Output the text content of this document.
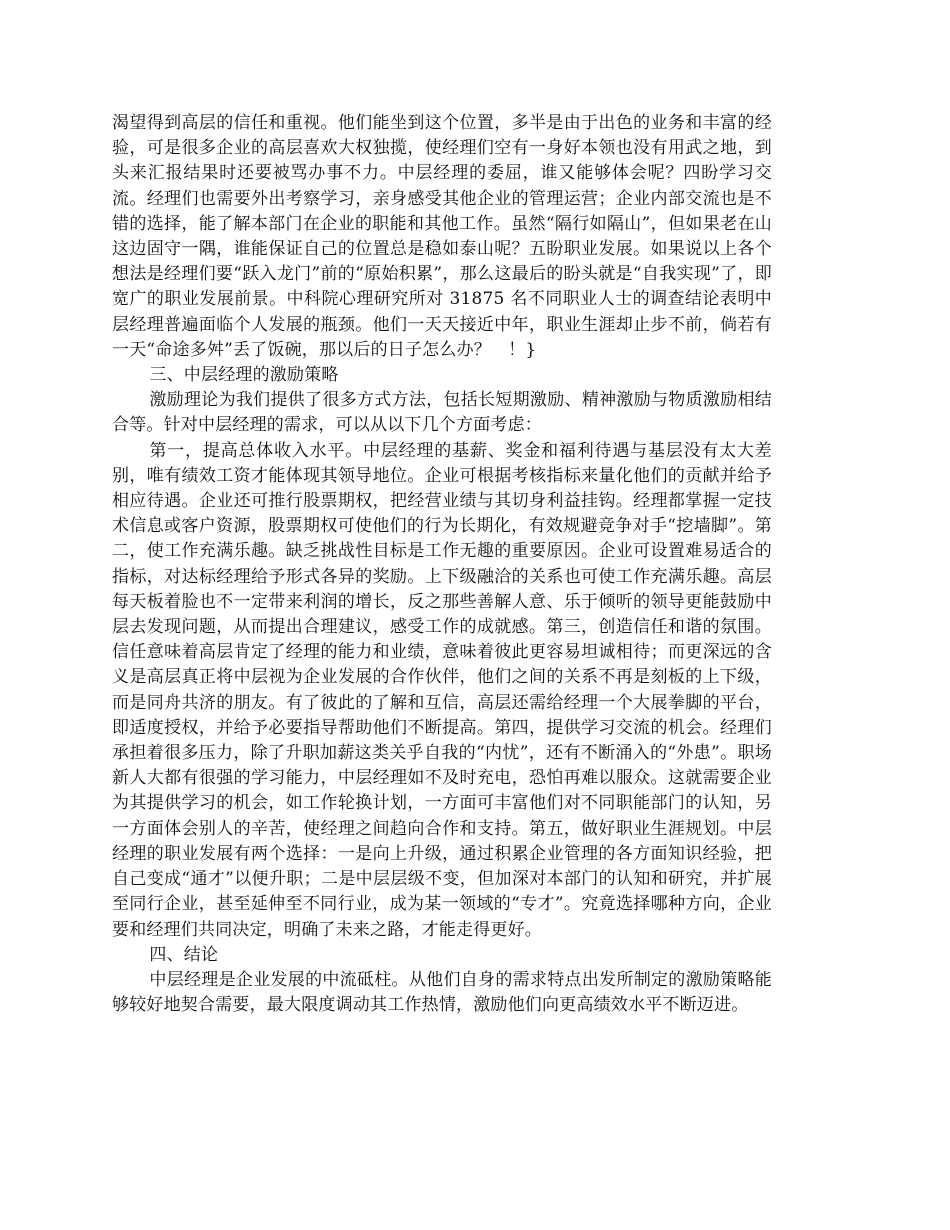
渴望得到高层的信任和重视。他们能坐到这个位置，多半是由于出色的业务和丰富的经验，可是很多企业的高层喜欢大权独揽，使经理们空有一身好本领也没有用武之地，到头来汇报结果时还要被骂办事不力。中层经理的委屈，谁又能够体会呢？四盼学习交流。经理们也需要外出考察学习，亲身感受其他企业的管理运营；企业内部交流也是不错的选择，能了解本部门在企业的职能和其他工作。虽然“隔行如隔山”，但如果老在山这边固守一隅，谁能保证自己的位置总是稳如泰山呢？五盼职业发展。如果说以上各个想法是经理们要“跃入龙门”前的“原始积累”，那么这最后的盼头就是“自我实现”了，即宽广的职业发展前景。中科院心理研究所对 31875 名不同职业人士的调查结论表明中层经理普遍面临个人发展的瓶颈。他们一天天接近中年，职业生涯却止步不前，倘若有一天“命途多舛”丢了饭碗，那以后的日子怎么办？　！}

三、中层经理的激励策略

激励理论为我们提供了很多方式方法，包括长短期激励、精神激励与物质激励相结合等。针对中层经理的需求，可以从以下几个方面考虑：

第一，提高总体收入水平。中层经理的基薪、奖金和福利待遇与基层没有太大差别，唯有绩效工资才能体现其领导地位。企业可根据考核指标来量化他们的贡献并给予相应待遇。企业还可推行股票期权，把经营业绩与其切身利益挂钩。经理都掌握一定技术信息或客户资源，股票期权可使他们的行为长期化，有效规避竞争对手“挖墙脚”。第二，使工作充满乐趣。缺乏挑战性目标是工作无趣的重要原因。企业可设置难易适合的指标，对达标经理给予形式各异的奖励。上下级融洽的关系也可使工作充满乐趣。高层每天板着脸也不一定带来利润的增长，反之那些善解人意、乐于倾听的领导更能鼓励中层去发现问题，从而提出合理建议，感受工作的成就感。第三，创造信任和谐的氛围。信任意味着高层肯定了经理的能力和业绩，意味着彼此更容易坦诚相待；而更深远的含义是高层真正将中层视为企业发展的合作伙伴，他们之间的关系不再是刻板的上下级，而是同舟共济的朋友。有了彼此的了解和互信，高层还需给经理一个大展拳脚的平台，即适度授权，并给予必要指导帮助他们不断提高。第四，提供学习交流的机会。经理们承担着很多压力，除了升职加薪这类关乎自我的“内忧”，还有不断涌入的“外患”。职场新人大都有很强的学习能力，中层经理如不及时充电，恐怕再难以服众。这就需要企业为其提供学习的机会，如工作轮换计划，一方面可丰富他们对不同职能部门的认知，另一方面体会别人的辛苦，使经理之间趋向合作和支持。第五，做好职业生涯规划。中层经理的职业发展有两个选择：一是向上升级，通过积累企业管理的各方面知识经验，把自己变成“通才”以便升职；二是中层层级不变，但加深对本部门的认知和研究，并扩展至同行企业，甚至延伸至不同行业，成为某一领域的“专才”。究竟选择哪种方向，企业要和经理们共同决定，明确了未来之路，才能走得更好。

四、结论

中层经理是企业发展的中流砥柱。从他们自身的需求特点出发所制定的激励策略能够较好地契合需要，最大限度调动其工作热情，激励他们向更高绩效水平不断迈进。
